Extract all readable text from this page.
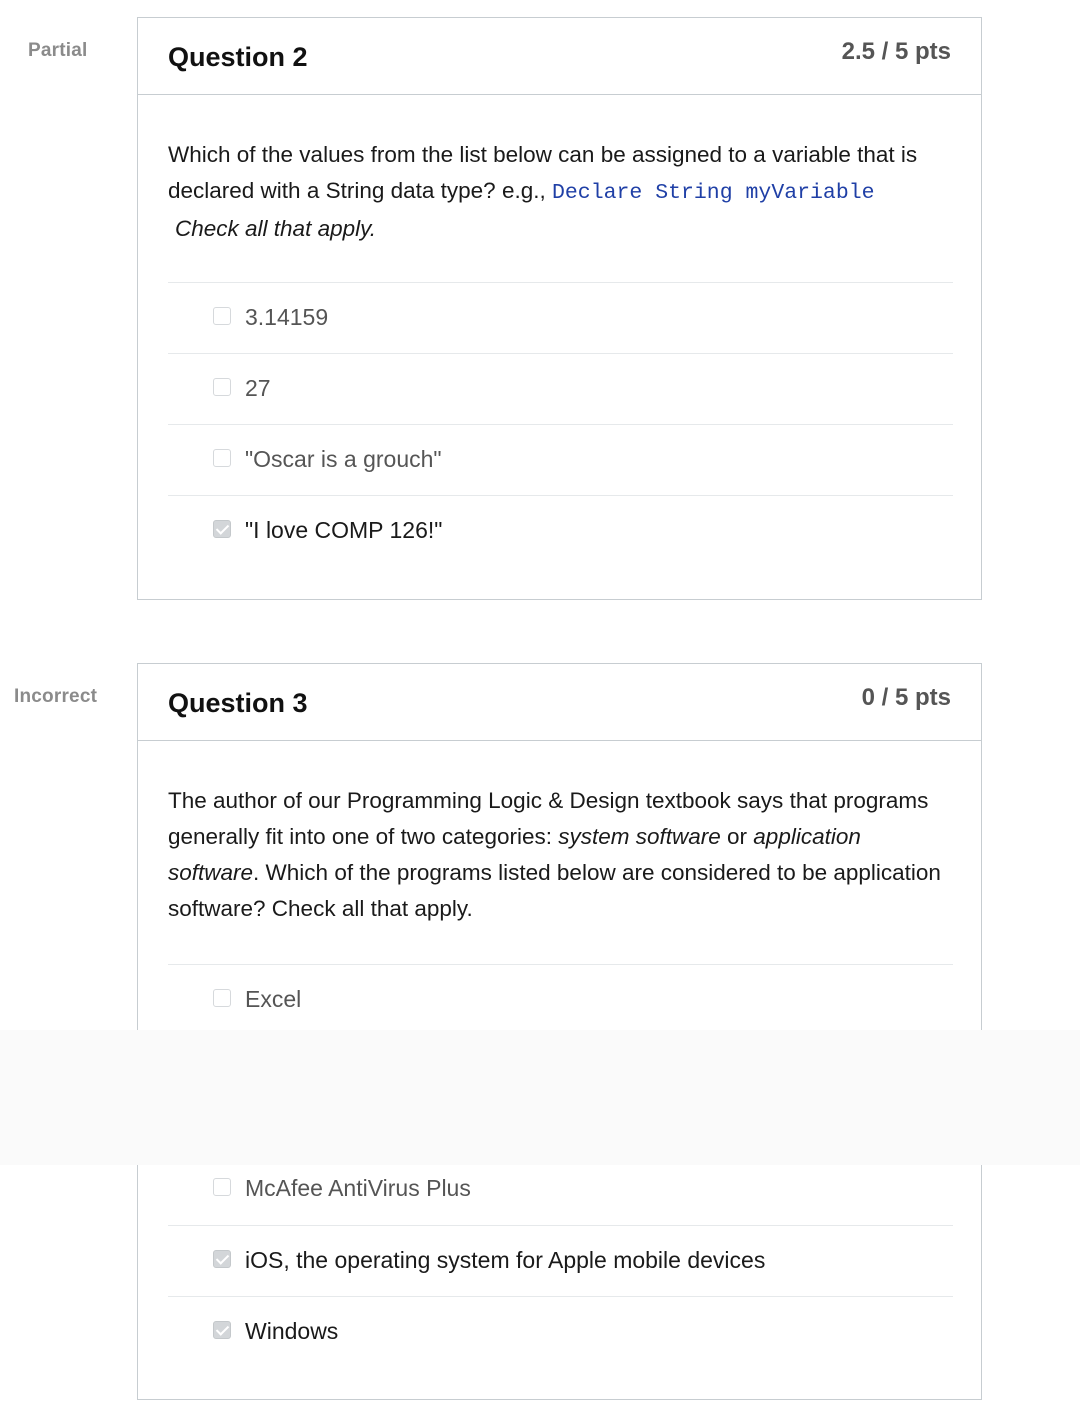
Partial	Question 2	2.5 / 5 pts
Which of the values from the list below can be assigned to a variable that is declared with a String data type? e.g., Declare String myVariable
Check all that apply.
3.14159
27
"Oscar is a grouch"
"I love COMP 126!"
Incorrect	Question 3	0 / 5 pts
The author of our Programming Logic & Design textbook says that programs generally fit into one of two categories: system software or application software. Which of the programs listed below are considered to be application software? Check all that apply.
Excel
McAfee AntiVirus Plus
iOS, the operating system for Apple mobile devices
Windows
